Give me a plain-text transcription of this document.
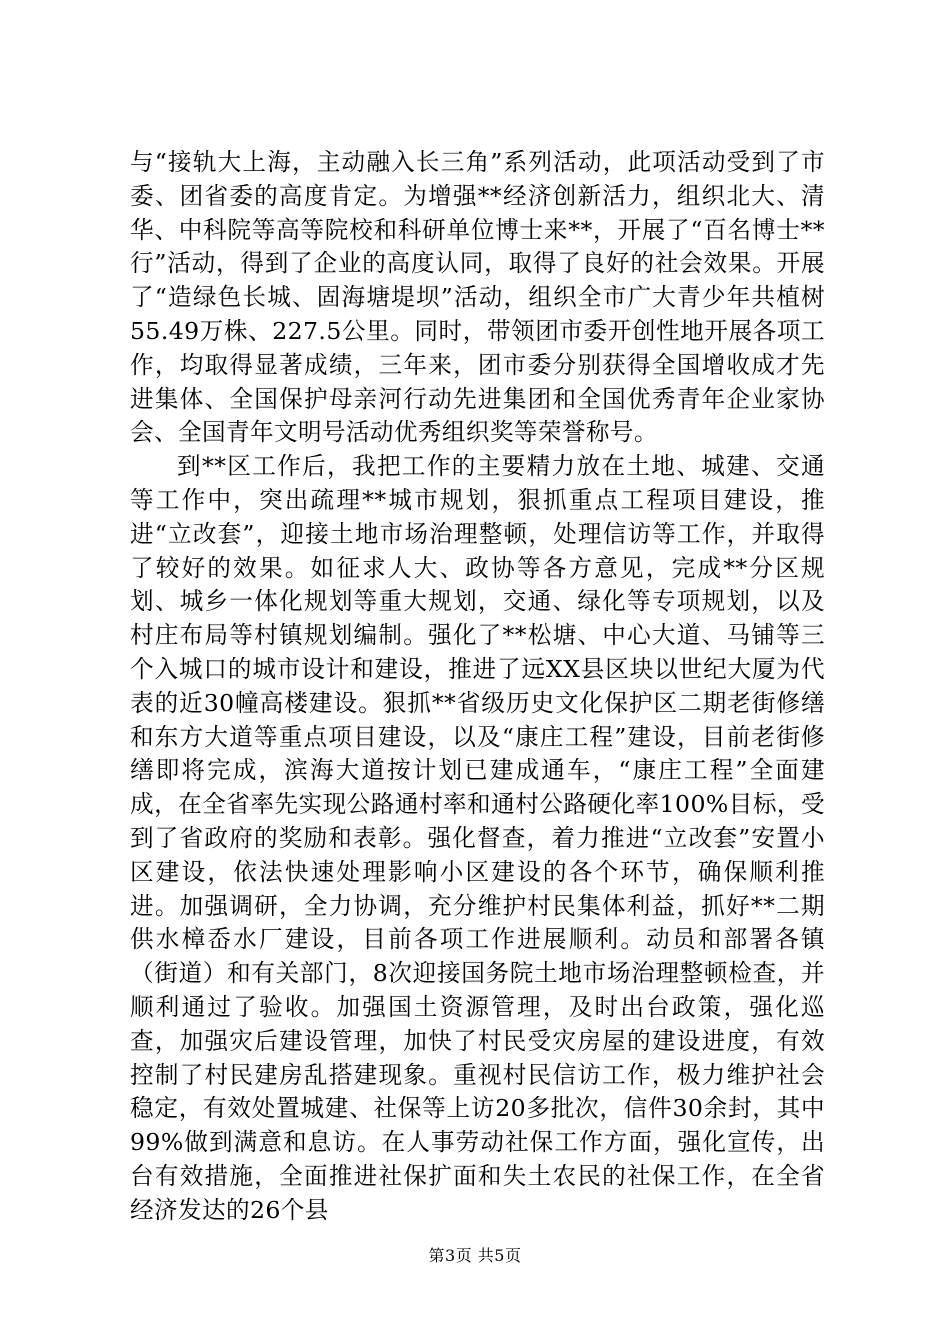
与“接轨大上海，主动融入长三角”系列活动，此项活动受到了市委、团省委的高度肯定。为增强**经济创新活力，组织北大、清华、中科院等高等院校和科研单位博士来**，开展了“百名博士**行”活动，得到了企业的高度认同，取得了良好的社会效果。开展了“造绿色长城、固海塘堤坝”活动，组织全市广大青少年共植树55.49万株、227.5公里。同时，带领团市委开创性地开展各项工作，均取得显著成绩，三年来，团市委分别获得全国增收成才先进集体、全国保护母亲河行动先进集团和全国优秀青年企业家协会、全国青年文明号活动优秀组织奖等荣誉称号。

到**区工作后，我把工作的主要精力放在土地、城建、交通等工作中，突出疏理**城市规划，狠抓重点工程项目建设，推进“立改套”，迎接土地市场治理整顿，处理信访等工作，并取得了较好的效果。如征求人大、政协等各方意见，完成**分区规划、城乡一体化规划等重大规划，交通、绿化等专项规划，以及村庄布局等村镇规划编制。强化了**松塘、中心大道、马铺等三个入城口的城市设计和建设，推进了远XX县区块以世纪大厦为代表的近30幢高楼建设。狠抓**省级历史文化保护区二期老街修缮和东方大道等重点项目建设，以及“康庄工程”建设，目前老街修缮即将完成，滨海大道按计划已建成通车，“康庄工程”全面建成，在全省率先实现公路通村率和通村公路硬化率100%目标，受到了省政府的奖励和表彰。强化督查，着力推进“立改套”安置小区建设，依法快速处理影响小区建设的各个环节，确保顺利推进。加强调研，全力协调，充分维护村民集体利益，抓好**二期供水樟岙水厂建设，目前各项工作进展顺利。动员和部署各镇（街道）和有关部门，8次迎接国务院土地市场治理整顿检查，并顺利通过了验收。加强国土资源管理，及时出台政策，强化巡查，加强灾后建设管理，加快了村民受灾房屋的建设进度，有效控制了村民建房乱搭建现象。重视村民信访工作，极力维护社会稳定，有效处置城建、社保等上访20多批次，信件30余封，其中99%做到满意和息访。在人事劳动社保工作方面，强化宣传，出台有效措施，全面推进社保扩面和失土农民的社保工作，在全省经济发达的26个县

第3页 共5页
